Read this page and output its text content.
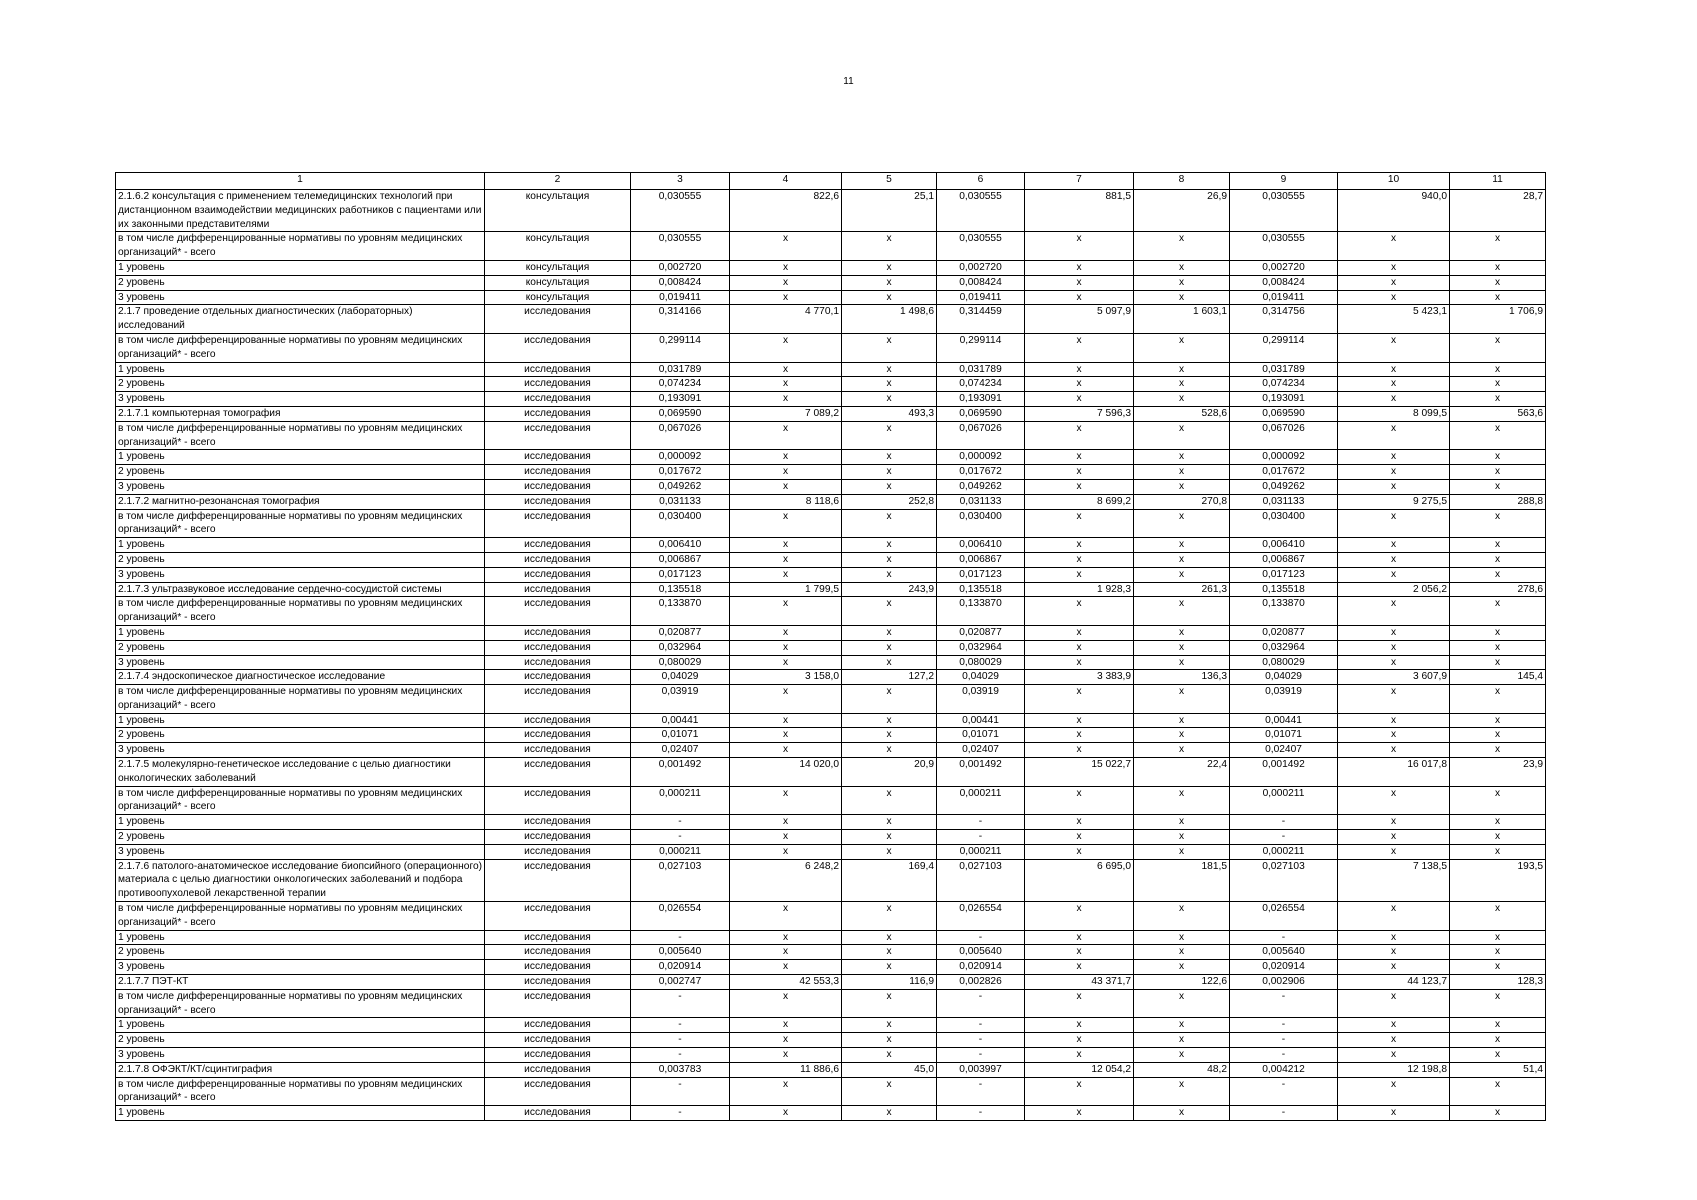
11
1	2	3	4	5	6	7	8	9	10	11
2.1.6.2 консультация с применением телемедицинских технологий при дистанционном взаимодействии медицинских работников с пациентами или их законными представителями	консультация	0,030555	822,6	25,1	0,030555	881,5	26,9	0,030555	940,0	28,7
в том числе дифференцированные нормативы по уровням медицинских организаций* - всего	консультация	0,030555	х	х	0,030555	х	х	0,030555	х	х
1 уровень	консультация	0,002720	х	х	0,002720	х	х	0,002720	х	х
2 уровень	консультация	0,008424	х	х	0,008424	х	х	0,008424	х	х
3 уровень	консультация	0,019411	х	х	0,019411	х	х	0,019411	х	х
2.1.7 проведение отдельных диагностических (лабораторных) исследований	исследования	0,314166	4 770,1	1 498,6	0,314459	5 097,9	1 603,1	0,314756	5 423,1	1 706,9
в том числе дифференцированные нормативы по уровням медицинских организаций* - всего	исследования	0,299114	х	х	0,299114	х	х	0,299114	х	х
1 уровень	исследования	0,031789	х	х	0,031789	х	х	0,031789	х	х
2 уровень	исследования	0,074234	х	х	0,074234	х	х	0,074234	х	х
3 уровень	исследования	0,193091	х	х	0,193091	х	х	0,193091	х	х
2.1.7.1 компьютерная томография	исследования	0,069590	7 089,2	493,3	0,069590	7 596,3	528,6	0,069590	8 099,5	563,6
в том числе дифференцированные нормативы по уровням медицинских организаций* - всего	исследования	0,067026	х	х	0,067026	х	х	0,067026	х	х
1 уровень	исследования	0,000092	х	х	0,000092	х	х	0,000092	х	х
2 уровень	исследования	0,017672	х	х	0,017672	х	х	0,017672	х	х
3 уровень	исследования	0,049262	х	х	0,049262	х	х	0,049262	х	х
2.1.7.2 магнитно-резонансная томография	исследования	0,031133	8 118,6	252,8	0,031133	8 699,2	270,8	0,031133	9 275,5	288,8
в том числе дифференцированные нормативы по уровням медицинских организаций* - всего	исследования	0,030400	х	х	0,030400	х	х	0,030400	х	х
1 уровень	исследования	0,006410	х	х	0,006410	х	х	0,006410	х	х
2 уровень	исследования	0,006867	х	х	0,006867	х	х	0,006867	х	х
3 уровень	исследования	0,017123	х	х	0,017123	х	х	0,017123	х	х
2.1.7.3 ультразвуковое исследование сердечно-сосудистой системы	исследования	0,135518	1 799,5	243,9	0,135518	1 928,3	261,3	0,135518	2 056,2	278,6
в том числе дифференцированные нормативы по уровням медицинских организаций* - всего	исследования	0,133870	х	х	0,133870	х	х	0,133870	х	х
1 уровень	исследования	0,020877	х	х	0,020877	х	х	0,020877	х	х
2 уровень	исследования	0,032964	х	х	0,032964	х	х	0,032964	х	х
3 уровень	исследования	0,080029	х	х	0,080029	х	х	0,080029	х	х
2.1.7.4 эндоскопическое диагностическое исследование	исследования	0,04029	3 158,0	127,2	0,04029	3 383,9	136,3	0,04029	3 607,9	145,4
в том числе дифференцированные нормативы по уровням медицинских организаций* - всего	исследования	0,03919	х	х	0,03919	х	х	0,03919	х	х
1 уровень	исследования	0,00441	х	х	0,00441	х	х	0,00441	х	х
2 уровень	исследования	0,01071	х	х	0,01071	х	х	0,01071	х	х
3 уровень	исследования	0,02407	х	х	0,02407	х	х	0,02407	х	х
2.1.7.5 молекулярно-генетическое исследование с целью диагностики онкологических заболеваний	исследования	0,001492	14 020,0	20,9	0,001492	15 022,7	22,4	0,001492	16 017,8	23,9
в том числе дифференцированные нормативы по уровням медицинских организаций* - всего	исследования	0,000211	х	х	0,000211	х	х	0,000211	х	х
1 уровень	исследования	-	х	х	-	х	х	-	х	х
2 уровень	исследования	-	х	х	-	х	х	-	х	х
3 уровень	исследования	0,000211	х	х	0,000211	х	х	0,000211	х	х
2.1.7.6 патолого-анатомическое исследование биопсийного (операционного) материала с целью диагностики онкологических заболеваний и подбора противоопухолевой лекарственной терапии	исследования	0,027103	6 248,2	169,4	0,027103	6 695,0	181,5	0,027103	7 138,5	193,5
в том числе дифференцированные нормативы по уровням медицинских организаций* - всего	исследования	0,026554	х	х	0,026554	х	х	0,026554	х	х
1 уровень	исследования	-	х	х	-	х	х	-	х	х
2 уровень	исследования	0,005640	х	х	0,005640	х	х	0,005640	х	х
3 уровень	исследования	0,020914	х	х	0,020914	х	х	0,020914	х	х
2.1.7.7 ПЭТ-КТ	исследования	0,002747	42 553,3	116,9	0,002826	43 371,7	122,6	0,002906	44 123,7	128,3
в том числе дифференцированные нормативы по уровням медицинских организаций* - всего	исследования	-	х	х	-	х	х	-	х	х
1 уровень	исследования	-	х	х	-	х	х	-	х	х
2 уровень	исследования	-	х	х	-	х	х	-	х	х
3 уровень	исследования	-	х	х	-	х	х	-	х	х
2.1.7.8 ОФЭКТ/КТ/сцинтиграфия	исследования	0,003783	11 886,6	45,0	0,003997	12 054,2	48,2	0,004212	12 198,8	51,4
в том числе дифференцированные нормативы по уровням медицинских организаций* - всего	исследования	-	х	х	-	х	х	-	х	х
1 уровень	исследования	-	х	х	-	х	х	-	х	х
